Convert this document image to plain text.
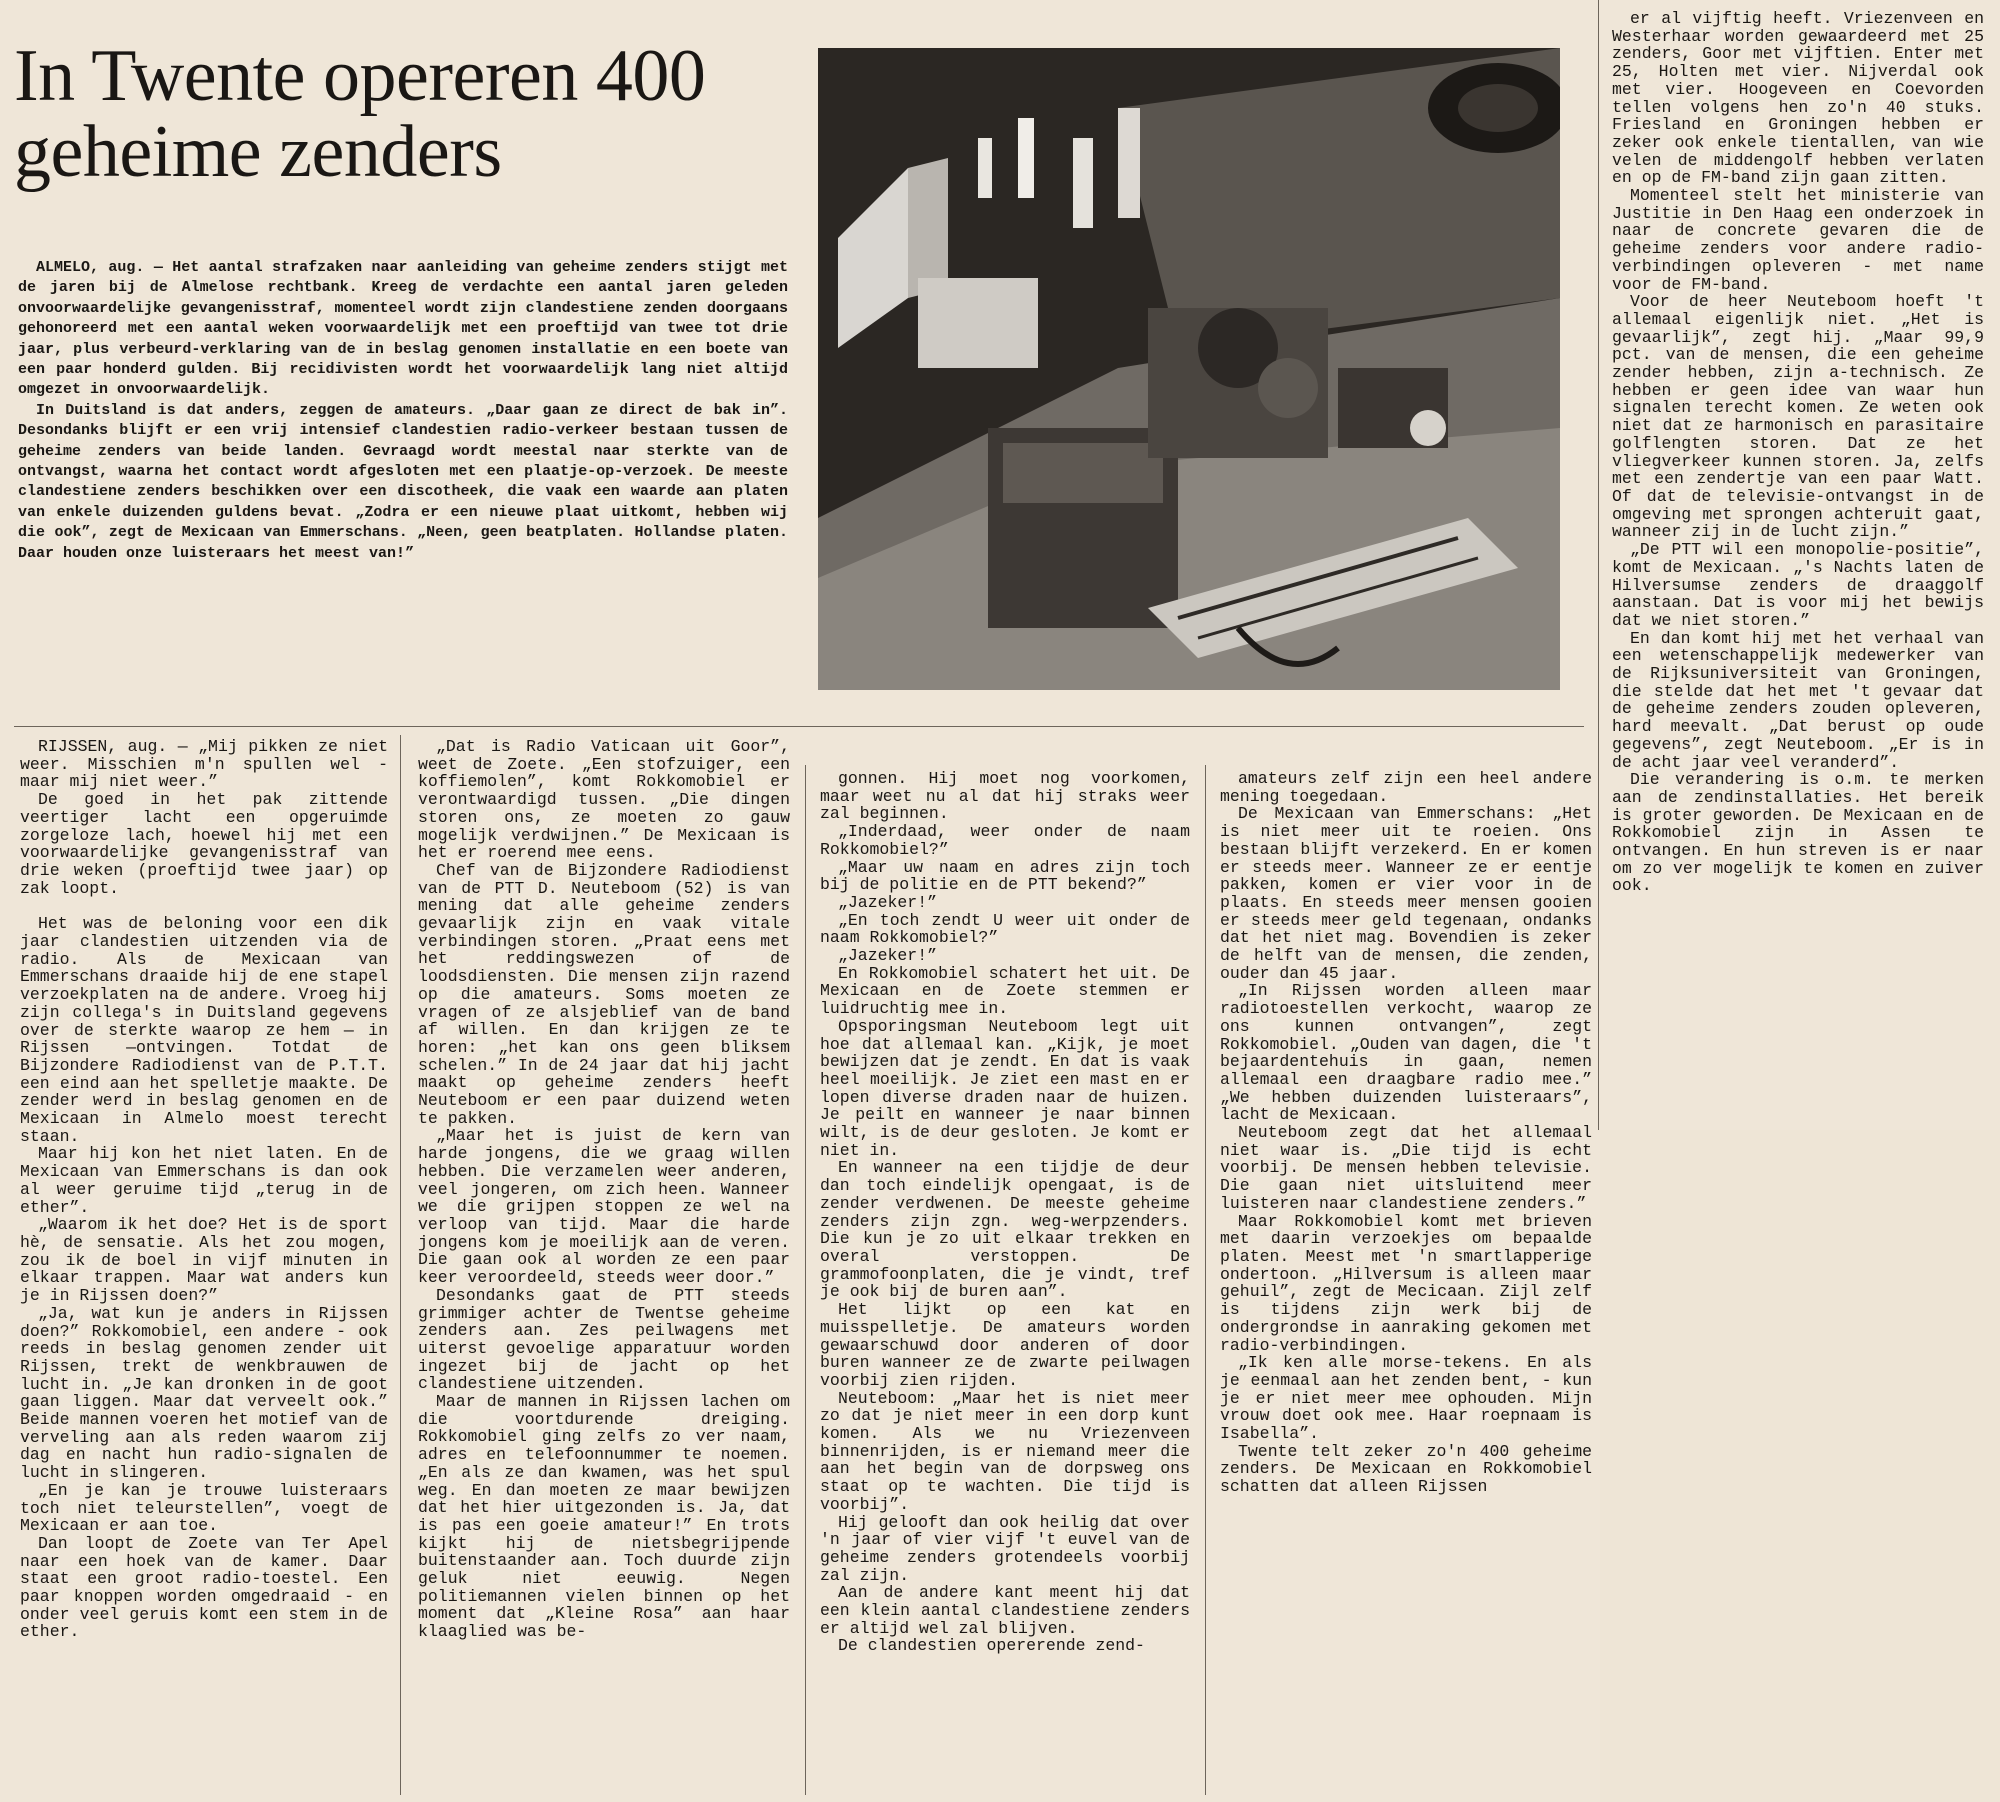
In Twente opereren 400 geheime zenders

ALMELO, aug. — Het aantal strafzaken naar aanleiding van geheime zenders stijgt met de jaren bij de Almelose rechtbank. Kreeg de verdachte een aantal jaren geleden onvoorwaardelijke gevangenisstraf, momenteel wordt zijn clandestiene zenden doorgaans gehonoreerd met een aantal weken voorwaardelijk met een proeftijd van twee tot drie jaar, plus verbeurd-verklaring van de in beslag genomen installatie en een boete van een paar honderd gulden. Bij recidivisten wordt het voorwaardelijk lang niet altijd omgezet in onvoorwaardelijk.

In Duitsland is dat anders, zeggen de amateurs. „Daar gaan ze direct de bak in”. Desondanks blijft er een vrij intensief clandestien radio-verkeer bestaan tussen de geheime zenders van beide landen. Gevraagd wordt meestal naar sterkte van de ontvangst, waarna het contact wordt afgesloten met een plaatje-op-verzoek. De meeste clandestiene zenders beschikken over een discotheek, die vaak een waarde aan platen van enkele duizenden guldens bevat. „Zodra er een nieuwe plaat uitkomt, hebben wij die ook”, zegt de Mexicaan van Emmerschans. „Neen, geen beatplaten. Hollandse platen. Daar houden onze luisteraars het meest van!”

RIJSSEN, aug. — „Mij pikken ze niet weer. Misschien m'n spullen wel - maar mij niet weer.”

De goed in het pak zittende veertiger lacht een opgeruimde zorgeloze lach, hoewel hij met een voorwaardelijke gevangenisstraf van drie weken (proeftijd twee jaar) op zak loopt.

Het was de beloning voor een dik jaar clandestien uitzenden via de radio. Als de Mexicaan van Emmerschans draaide hij de ene stapel verzoekplaten na de andere. Vroeg hij zijn collega's in Duitsland gegevens over de sterkte waarop ze hem — in Rijssen —ontvingen. Totdat de Bijzondere Radiodienst van de P.T.T. een eind aan het spelletje maakte. De zender werd in beslag genomen en de Mexicaan in Almelo moest terecht staan.

Maar hij kon het niet laten. En de Mexicaan van Emmerschans is dan ook al weer geruime tijd „terug in de ether”.

„Waarom ik het doe? Het is de sport hè, de sensatie. Als het zou mogen, zou ik de boel in vijf minuten in elkaar trappen. Maar wat anders kun je in Rijssen doen?”

„Ja, wat kun je anders in Rijssen doen?” Rokkomobiel, een andere - ook reeds in beslag genomen zender uit Rijssen, trekt de wenkbrauwen de lucht in. „Je kan dronken in de goot gaan liggen. Maar dat verveelt ook.” Beide mannen voeren het motief van de verveling aan als reden waarom zij dag en nacht hun radio-signalen de lucht in slingeren.

„En je kan je trouwe luisteraars toch niet teleurstellen”, voegt de Mexicaan er aan toe.

Dan loopt de Zoete van Ter Apel naar een hoek van de kamer. Daar staat een groot radio-toestel. Een paar knoppen worden omgedraaid - en onder veel geruis komt een stem in de ether.

„Dat is Radio Vaticaan uit Goor”, weet de Zoete. „Een stofzuiger, een koffiemolen”, komt Rokkomobiel er verontwaardigd tussen. „Die dingen storen ons, ze moeten zo gauw mogelijk verdwijnen.” De Mexicaan is het er roerend mee eens.

Chef van de Bijzondere Radiodienst van de PTT D. Neuteboom (52) is van mening dat alle geheime zenders gevaarlijk zijn en vaak vitale verbindingen storen. „Praat eens met het reddingswezen of de loodsdiensten. Die mensen zijn razend op die amateurs. Soms moeten ze vragen of ze alsjeblief van de band af willen. En dan krijgen ze te horen: „het kan ons geen bliksem schelen.” In de 24 jaar dat hij jacht maakt op geheime zenders heeft Neuteboom er een paar duizend weten te pakken.

„Maar het is juist de kern van harde jongens, die we graag willen hebben. Die verzamelen weer anderen, veel jongeren, om zich heen. Wanneer we die grijpen stoppen ze wel na verloop van tijd. Maar die harde jongens kom je moeilijk aan de veren. Die gaan ook al worden ze een paar keer veroordeeld, steeds weer door.”

Desondanks gaat de PTT steeds grimmiger achter de Twentse geheime zenders aan. Zes peilwagens met uiterst gevoelige apparatuur worden ingezet bij de jacht op het clandestiene uitzenden.

Maar de mannen in Rijssen lachen om die voortdurende dreiging. Rokkomobiel ging zelfs zo ver naam, adres en telefoonnummer te noemen. „En als ze dan kwamen, was het spul weg. En dan moeten ze maar bewijzen dat het hier uitgezonden is. Ja, dat is pas een goeie amateur!” En trots kijkt hij de nietsbegrijpende buitenstaander aan. Toch duurde zijn geluk niet eeuwig. Negen politiemannen vielen binnen op het moment dat „Kleine Rosa” aan haar klaaglied was be-

gonnen. Hij moet nog voorkomen, maar weet nu al dat hij straks weer zal beginnen.

„Inderdaad, weer onder de naam Rokkomobiel?”

„Maar uw naam en adres zijn toch bij de politie en de PTT bekend?”

„Jazeker!”

„En toch zendt U weer uit onder de naam Rokkomobiel?”

„Jazeker!”

En Rokkomobiel schatert het uit. De Mexicaan en de Zoete stemmen er luidruchtig mee in.

Opsporingsman Neuteboom legt uit hoe dat allemaal kan. „Kijk, je moet bewijzen dat je zendt. En dat is vaak heel moeilijk. Je ziet een mast en er lopen diverse draden naar de huizen. Je peilt en wanneer je naar binnen wilt, is de deur gesloten. Je komt er niet in.

En wanneer na een tijdje de deur dan toch eindelijk opengaat, is de zender verdwenen. De meeste geheime zenders zijn zgn. weg-werpzenders. Die kun je zo uit elkaar trekken en overal verstoppen. De grammofoonplaten, die je vindt, tref je ook bij de buren aan”.

Het lijkt op een kat en muisspelletje. De amateurs worden gewaarschuwd door anderen of door buren wanneer ze de zwarte peilwagen voorbij zien rijden.

Neuteboom: „Maar het is niet meer zo dat je niet meer in een dorp kunt komen. Als we nu Vriezenveen binnenrijden, is er niemand meer die aan het begin van de dorpsweg ons staat op te wachten. Die tijd is voorbij”.

Hij gelooft dan ook heilig dat over 'n jaar of vier vijf 't euvel van de geheime zenders grotendeels voorbij zal zijn.

Aan de andere kant meent hij dat een klein aantal clandestiene zenders er altijd wel zal blijven.

De clandestien opererende zend-

amateurs zelf zijn een heel andere mening toegedaan.

De Mexicaan van Emmerschans: „Het is niet meer uit te roeien. Ons bestaan blijft verzekerd. En er komen er steeds meer. Wanneer ze er eentje pakken, komen er vier voor in de plaats. En steeds meer mensen gooien er steeds meer geld tegenaan, ondanks dat het niet mag. Bovendien is zeker de helft van de mensen, die zenden, ouder dan 45 jaar.

„In Rijssen worden alleen maar radiotoestellen verkocht, waarop ze ons kunnen ontvangen”, zegt Rokkomobiel. „Ouden van dagen, die 't bejaardentehuis in gaan, nemen allemaal een draagbare radio mee.” „We hebben duizenden luisteraars”, lacht de Mexicaan.

Neuteboom zegt dat het allemaal niet waar is. „Die tijd is echt voorbij. De mensen hebben televisie. Die gaan niet uitsluitend meer luisteren naar clandestiene zenders.”

Maar Rokkomobiel komt met brieven met daarin verzoekjes om bepaalde platen. Meest met 'n smartlapperige ondertoon. „Hilversum is alleen maar gehuil”, zegt de Mecicaan. Zijl zelf is tijdens zijn werk bij de ondergrondse in aanraking gekomen met radio-verbindingen.

„Ik ken alle morse-tekens. En als je eenmaal aan het zenden bent, - kun je er niet meer mee ophouden. Mijn vrouw doet ook mee. Haar roepnaam is Isabella”.

Twente telt zeker zo'n 400 geheime zenders. De Mexicaan en Rokkomobiel schatten dat alleen Rijssen

er al vijftig heeft. Vriezenveen en Westerhaar worden gewaardeerd met 25 zenders, Goor met vijftien. Enter met 25, Holten met vier. Nijverdal ook met vier. Hoogeveen en Coevorden tellen volgens hen zo'n 40 stuks. Friesland en Groningen hebben er zeker ook enkele tientallen, van wie velen de middengolf hebben verlaten en op de FM-band zijn gaan zitten.

Momenteel stelt het ministerie van Justitie in Den Haag een onderzoek in naar de concrete gevaren die de geheime zenders voor andere radio-verbindingen opleveren - met name voor de FM-band.

Voor de heer Neuteboom hoeft 't allemaal eigenlijk niet. „Het is gevaarlijk”, zegt hij. „Maar 99,9 pct. van de mensen, die een geheime zender hebben, zijn a-technisch. Ze hebben er geen idee van waar hun signalen terecht komen. Ze weten ook niet dat ze harmonisch en parasitaire golflengten storen. Dat ze het vliegverkeer kunnen storen. Ja, zelfs met een zendertje van een paar Watt. Of dat de televisie-ontvangst in de omgeving met sprongen achteruit gaat, wanneer zij in de lucht zijn.”

„De PTT wil een monopolie-positie”, komt de Mexicaan. „'s Nachts laten de Hilversumse zenders de draaggolf aanstaan. Dat is voor mij het bewijs dat we niet storen.”

En dan komt hij met het verhaal van een wetenschappelijk medewerker van de Rijksuniversiteit van Groningen, die stelde dat het met 't gevaar dat de geheime zenders zouden opleveren, hard meevalt. „Dat berust op oude gegevens”, zegt Neuteboom. „Er is in de acht jaar veel veranderd”.

Die verandering is o.m. te merken aan de zendinstallaties. Het bereik is groter geworden. De Mexicaan en de Rokkomobiel zijn in Assen te ontvangen. En hun streven is er naar om zo ver mogelijk te komen en zuiver ook.
